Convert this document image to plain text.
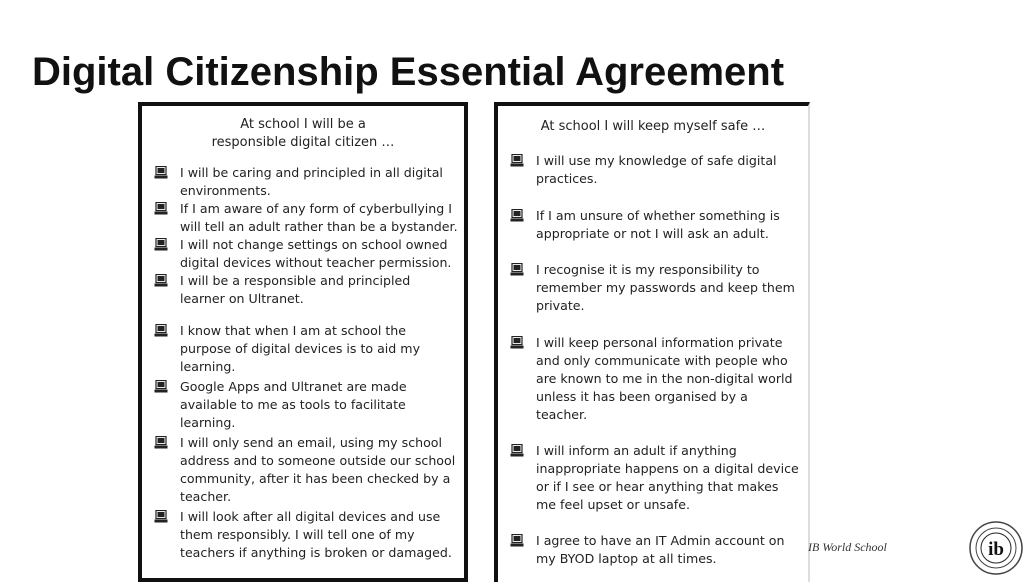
Digital Citizenship Essential Agreement
At school I will be a
responsible digital citizen …
I will be caring and principled in all digital environments.
If I am aware of any form of cyberbullying I will tell an adult rather than be a bystander.
I will not change settings on school owned digital devices without teacher permission.
I will be a responsible and principled learner on Ultranet.
I know that when I am at school the purpose of digital devices is to aid my learning.
Google Apps and Ultranet are made available to me as tools to facilitate learning.
I will only send an email, using my school address and to someone outside our school community, after it has been checked by a teacher.
I will look after all digital devices and use them responsibly. I will tell one of my teachers if anything is broken or damaged.
At school I will keep myself safe …
I will use my knowledge of safe digital practices.
If I am unsure of whether something is appropriate or not I will ask an adult.
I recognise it is my responsibility to remember my passwords and keep them private.
I will keep personal information private and only communicate with people who are known to me in the non-digital world unless it has been organised by a teacher.
I will inform an adult if anything inappropriate happens on a digital device or if I see or hear anything that makes me feel upset or unsafe.
I agree to have an IT Admin account on my BYOD laptop at all times.
IB World School	ib
